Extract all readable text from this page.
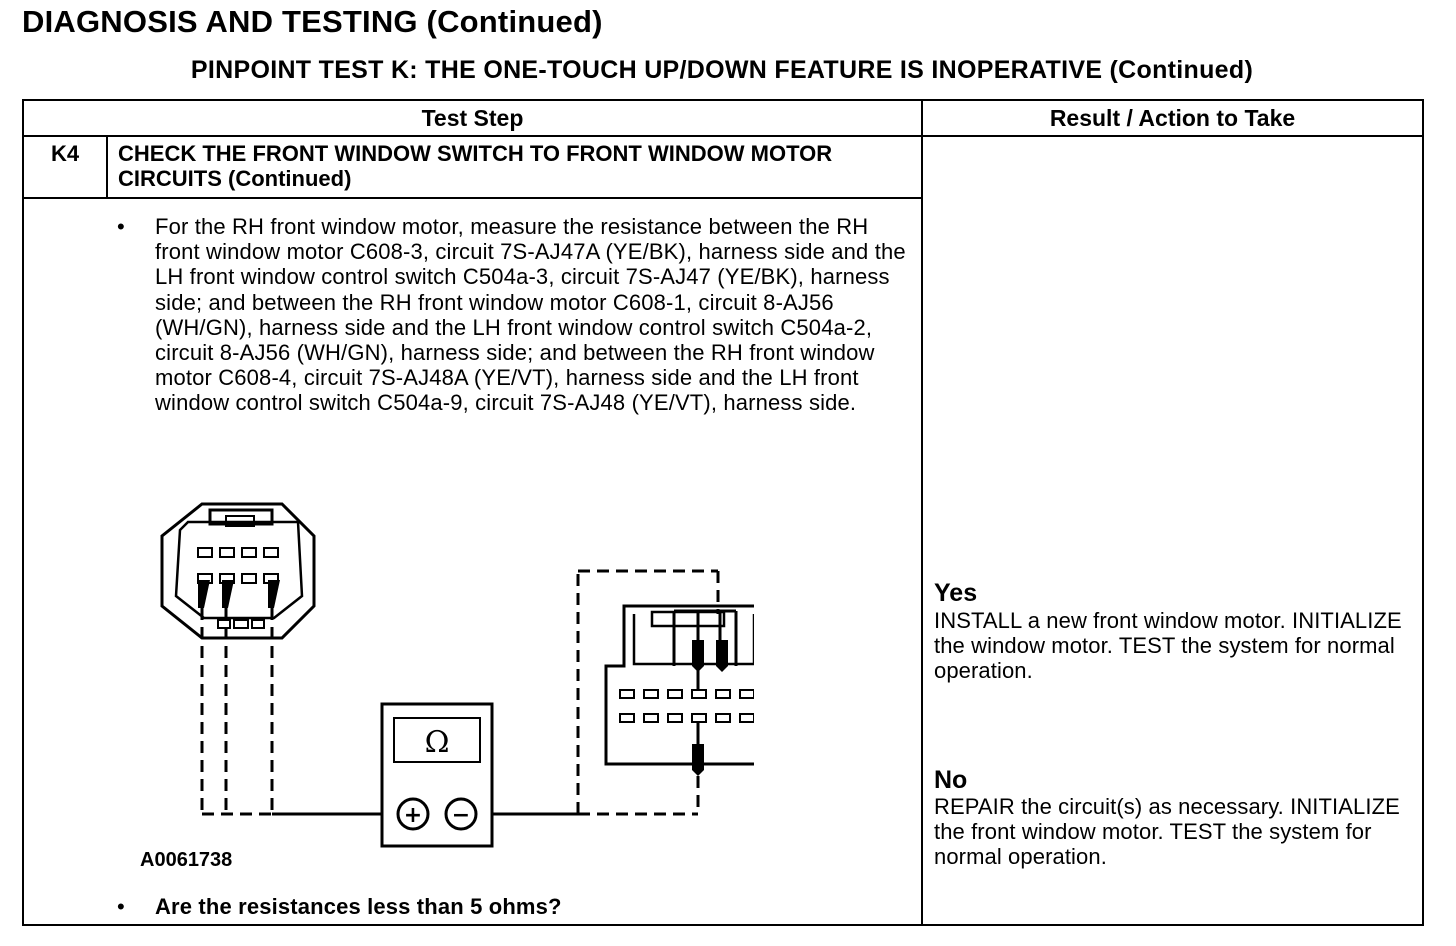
DIAGNOSIS AND TESTING (Continued)
PINPOINT TEST K: THE ONE-TOUCH UP/DOWN FEATURE IS INOPERATIVE (Continued)
Test Step	Result / Action to Take
K4	CHECK THE FRONT WINDOW SWITCH TO FRONT WINDOW MOTOR CIRCUITS (Continued)
• For the RH front window motor, measure the resistance between the RH front window motor C608-3, circuit 7S-AJ47A (YE/BK), harness side and the LH front window control switch C504a-3, circuit 7S-AJ47 (YE/BK), harness side; and between the RH front window motor C608-1, circuit 8-AJ56 (WH/GN), harness side and the LH front window control switch C504a-2, circuit 8-AJ56 (WH/GN), harness side; and between the RH front window motor C608-4, circuit 7S-AJ48A (YE/VT), harness side and the LH front window control switch C504a-9, circuit 7S-AJ48 (YE/VT), harness side.
Ω
+ −
A0061738
• Are the resistances less than 5 ohms?
Yes
INSTALL a new front window motor. INITIALIZE the window motor. TEST the system for normal operation.
No
REPAIR the circuit(s) as necessary. INITIALIZE the front window motor. TEST the system for normal operation.
